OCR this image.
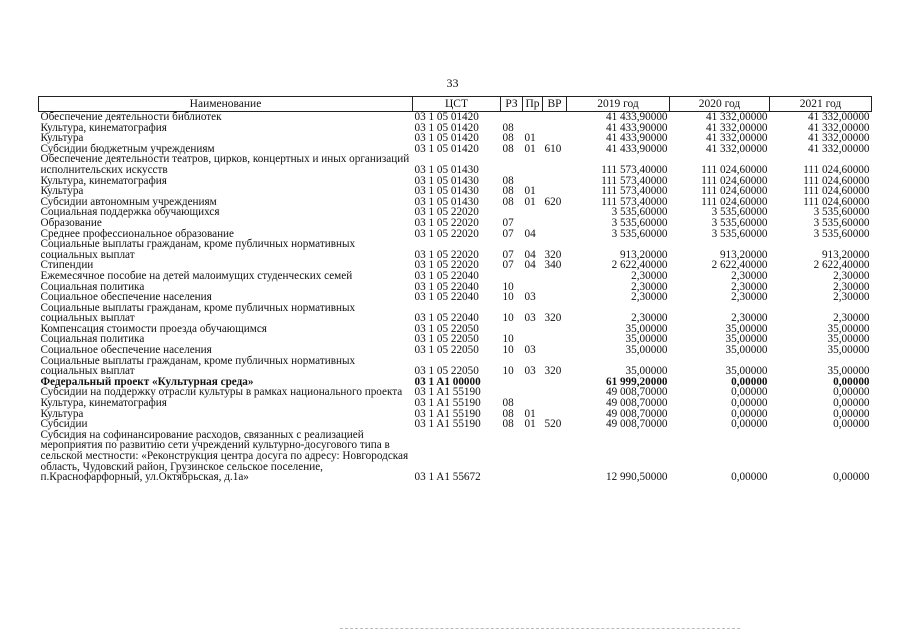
33
Наименование	ЦСТ	РЗ	Пр	ВР	2019 год	2020 год	2021 год
Обеспечение деятельности библиотек	03 1 05 01420				41 433,90000	41 332,00000	41 332,00000
Культура, кинематография	03 1 05 01420	08			41 433,90000	41 332,00000	41 332,00000
Культура	03 1 05 01420	08	01		41 433,90000	41 332,00000	41 332,00000
Субсидии бюджетным учреждениям	03 1 05 01420	08	01	610	41 433,90000	41 332,00000	41 332,00000
Обеспечение деятельности театров, цирков, концертных и иных организаций исполнительских искусств	03 1 05 01430				111 573,40000	111 024,60000	111 024,60000
Культура, кинематография	03 1 05 01430	08			111 573,40000	111 024,60000	111 024,60000
Культура	03 1 05 01430	08	01		111 573,40000	111 024,60000	111 024,60000
Субсидии автономным учреждениям	03 1 05 01430	08	01	620	111 573,40000	111 024,60000	111 024,60000
Социальная поддержка обучающихся	03 1 05 22020				3 535,60000	3 535,60000	3 535,60000
Образование	03 1 05 22020	07			3 535,60000	3 535,60000	3 535,60000
Среднее профессиональное образование	03 1 05 22020	07	04		3 535,60000	3 535,60000	3 535,60000
Социальные выплаты гражданам, кроме публичных нормативных социальных выплат	03 1 05 22020	07	04	320	913,20000	913,20000	913,20000
Стипендии	03 1 05 22020	07	04	340	2 622,40000	2 622,40000	2 622,40000
Ежемесячное пособие на детей малоимущих студенческих семей	03 1 05 22040				2,30000	2,30000	2,30000
Социальная политика	03 1 05 22040	10			2,30000	2,30000	2,30000
Социальное обеспечение населения	03 1 05 22040	10	03		2,30000	2,30000	2,30000
Социальные выплаты гражданам, кроме публичных нормативных социальных выплат	03 1 05 22040	10	03	320	2,30000	2,30000	2,30000
Компенсация стоимости проезда обучающимся	03 1 05 22050				35,00000	35,00000	35,00000
Социальная политика	03 1 05 22050	10			35,00000	35,00000	35,00000
Социальное обеспечение населения	03 1 05 22050	10	03		35,00000	35,00000	35,00000
Социальные выплаты гражданам, кроме публичных нормативных социальных выплат	03 1 05 22050	10	03	320	35,00000	35,00000	35,00000
Федеральный проект «Культурная среда»	03 1 A1 00000				61 999,20000	0,00000	0,00000
Субсидии на поддержку отрасли культуры в рамках национального проекта	03 1 A1 55190				49 008,70000	0,00000	0,00000
Культура, кинематография	03 1 A1 55190	08			49 008,70000	0,00000	0,00000
Культура	03 1 A1 55190	08	01		49 008,70000	0,00000	0,00000
Субсидии	03 1 A1 55190	08	01	520	49 008,70000	0,00000	0,00000
Субсидия на софинансирование расходов, связанных с реализацией мероприятия по развитию сети учреждений культурно-досугового типа в сельской местности: «Реконструкция центра досуга по адресу: Новгородская область, Чудовский район, Грузинское сельское поселение, п.Краснофарфорный, ул.Октябрьская, д.1а»	03 1 A1 55672				12 990,50000	0,00000	0,00000
